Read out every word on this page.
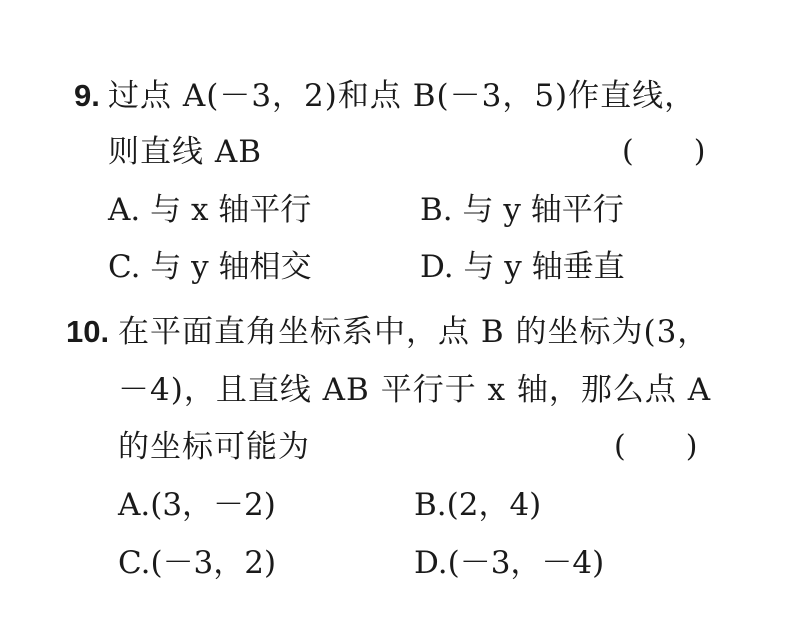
9. 过点 A(－3，2)和点 B(－3，5)作直线，
则直线 AB	(　　)
A. 与 x 轴平行	B. 与 y 轴平行
C. 与 y 轴相交	D. 与 y 轴垂直
10. 在平面直角坐标系中，点 B 的坐标为(3，
－4)，且直线 AB 平行于 x 轴，那么点 A
的坐标可能为	(　　)
A.(3，－2)	B.(2，4)
C.(－3，2)	D.(－3，－4)
